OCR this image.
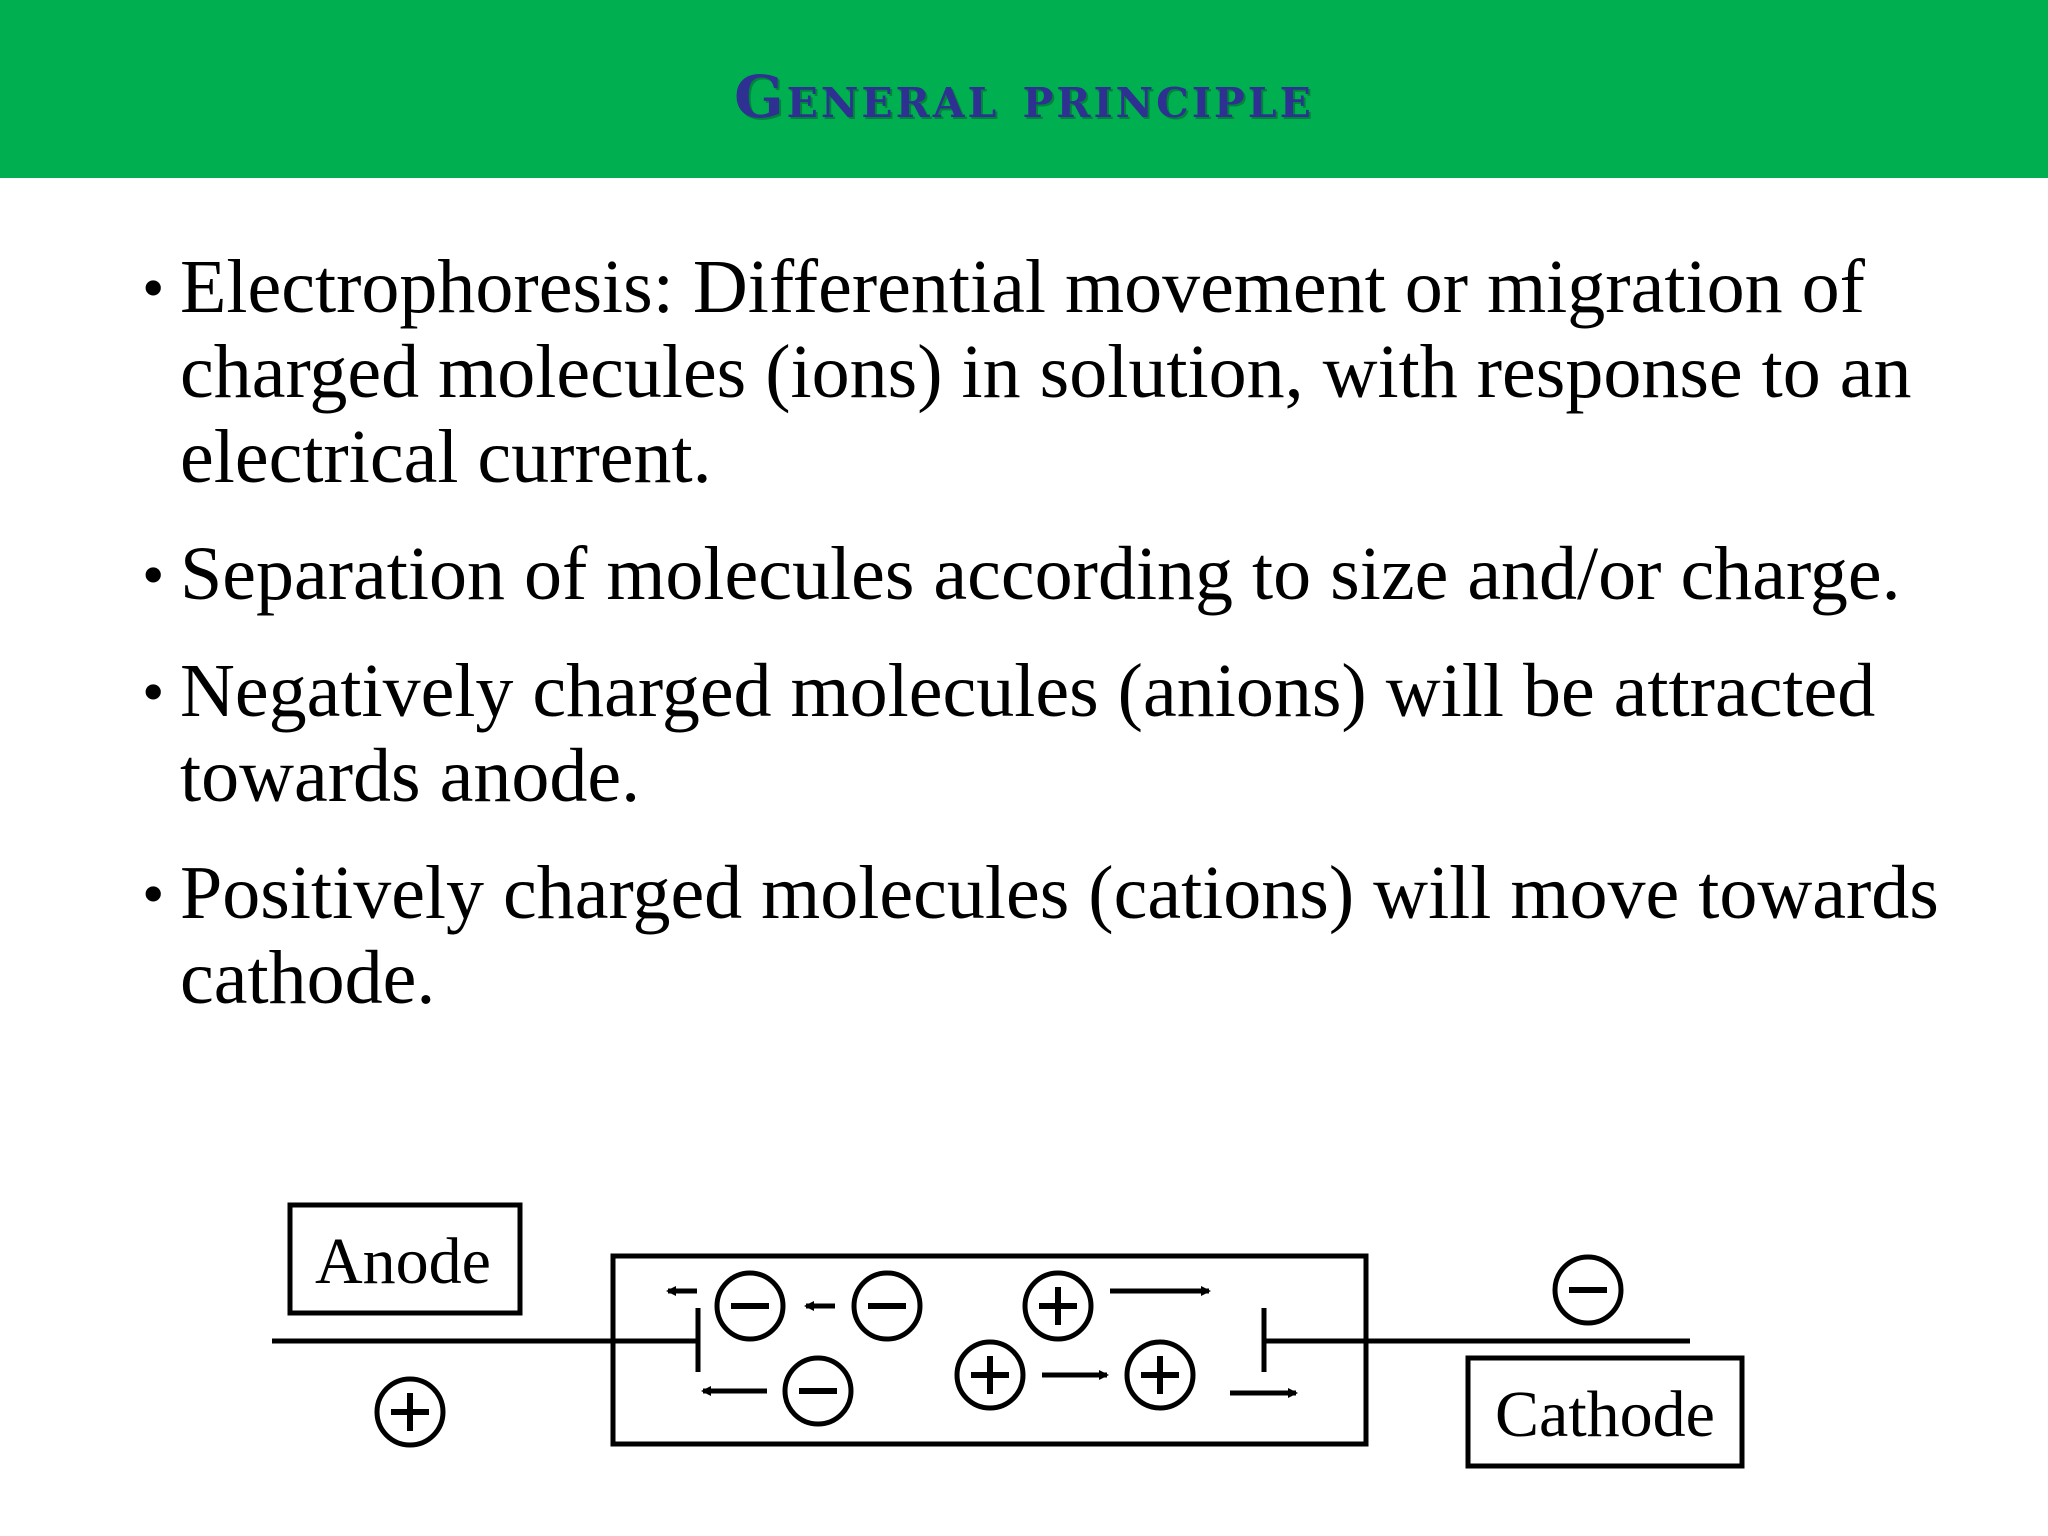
General principle
• Electrophoresis: Differential movement or migration of charged molecules (ions) in solution, with response to an electrical current.
• Separation of molecules according to size and/or charge.
• Negatively charged molecules (anions) will be attracted towards anode.
• Positively charged molecules (cations) will move towards cathode.
Anode
Cathode
